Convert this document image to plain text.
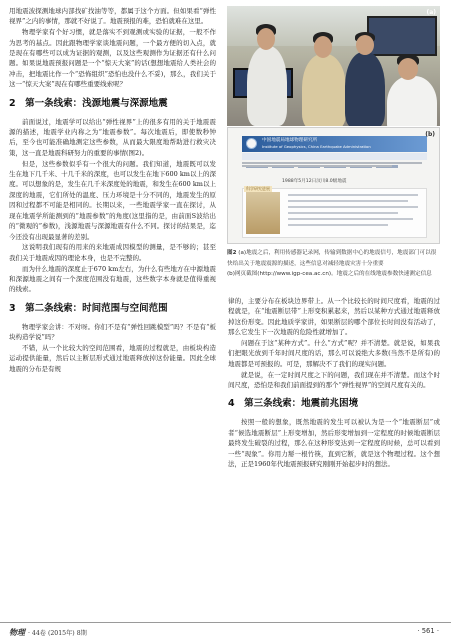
用地震波探测地球内部找矿找油等等，都属于这个方面。但如果看“弹性视界”之内的事情，那就不好说了。地震预报的难，恐怕就难在这里。

物理学家有个好习惯，就是落实不到观测或实验的证据，一般不作为思考的基点。因此跟物理学家谈地震问题，一个最方便的切入点，就是现在有哪些可以成为证据的观测，以及这些观测作为证据还有什么问题。如果说地震预报问题是一个“惊天大案”的话(想想地震给人类社会的冲击，把地震比作一个“恐怖组织”恐怕也没什么不妥)，那么，我们关于这一“惊天大案”现在有哪些重要线索呢？

2　第一条线索：浅源地震与深源地震

前面说过，地震学可以给出“弹性视界”上的很多有用的关于地震震源的描述，地震学业内称之为“地震参数”。每次地震后，即使数秒钟后，至今也可能准确地测定这些参数，从而最大限度地帮助进行救灾决策，这一直是地震科研努力的重要的事情(图2)。

但是，这些参数似乎有一个很大的问题。我们知道，地震既可以发生在地下几千米、十几千米的深度，也可以发生在地下600 km以上的深度。可以想象的是，发生在几千米深度处的地震，和发生在600 km以上深度的地震，它们所处的温度、压力环境是十分不同的，地震发生的原因和过程都不可能是相同的。长期以来，一些地震学家一直在探讨，从现在地震学所能测到的“地震参数”的角度(这里指的是，由前面S波给出的“微观的”参数)，浅源地震与深源地震有什么不同。探讨的结果是，迄今还没有出现最显著的差别。

这说明我们现有的用来的来地震成因模型的测量，是不够的；甚至我们关于地震成因的理论本身，也是不完整的。

而为什么地震的深度止于670 km左右，为什么有些地方在中源地震和深源地震之间有一个深度范围没有地震，这些数字本身就是值得重视的线索。

3　第二条线索：时间范围与空间范围

物理学家会讲：不对呀。你们不是有“弹性回跳模型”吗？不是有“板块构造学说”吗？

不错，从一个比较大的空间范围看，地震的过程就是，由板块构造运动提供能量，然后以主断层形式通过地震释放掉这份能量。因此全球地震的分布是有规

(a)
中国地震局地球物理研究所
Institute of Geophysics, China Earthquake Administration
1988年5月12日汶川8.0级地震
科学研究进展
(b)
图2 (a)地震之后，利用传感器记录网，传输到数据中心的地震信号，地震部门可以很快给出关于地震震源的描述，这些信息对减轻地震灾害十分重要
(b)网页截图(http://www.igp-cea.ac.cn)。地震之后的在线地震参数快速测定信息

律的，主要分布在板块边界带上。从一个比较长的时间尺度看，地震的过程就是，在“地震断层带”上形变积累起来，然后以某种方式通过地震释放掉这份形变。因此地质学家讲，如果断层的哪个部位长时间没有活动了，那么它发生下一次地震的危险性就增加了。

问题在于这“某种方式”。什么“方式”呢？并不清楚。就是说，如果我们把眼光放到千年时间尺度的话，那么可以说绝大多数(当然不是所有)的地震都是可预报的。可是，那解决不了我们的现实问题。

就是说，在一定时间尺度之下的问题，我们现在并不清楚。而这个时间尺度，恐怕是和我们前面提到的那个“弹性视界”的空间尺度有关的。

4　第三条线索：地震前兆困境

按照一般的想象，既然地震的发生可以被认为是一个“地震断层”或者“候选地震断层”上形变增加，然后形变增加到一定程度的时候地震断层最终发生破裂的过程，那么在这种形变达到一定程度的时候，总可以看到一些“现象”。你用力掰一根竹筷，直到它断，就是这个物理过程。这个想法，正是1960年代地震预报研究刚刚开始起步时的想法。

物理 · 44卷 (2015年) 8期	· 561 ·
